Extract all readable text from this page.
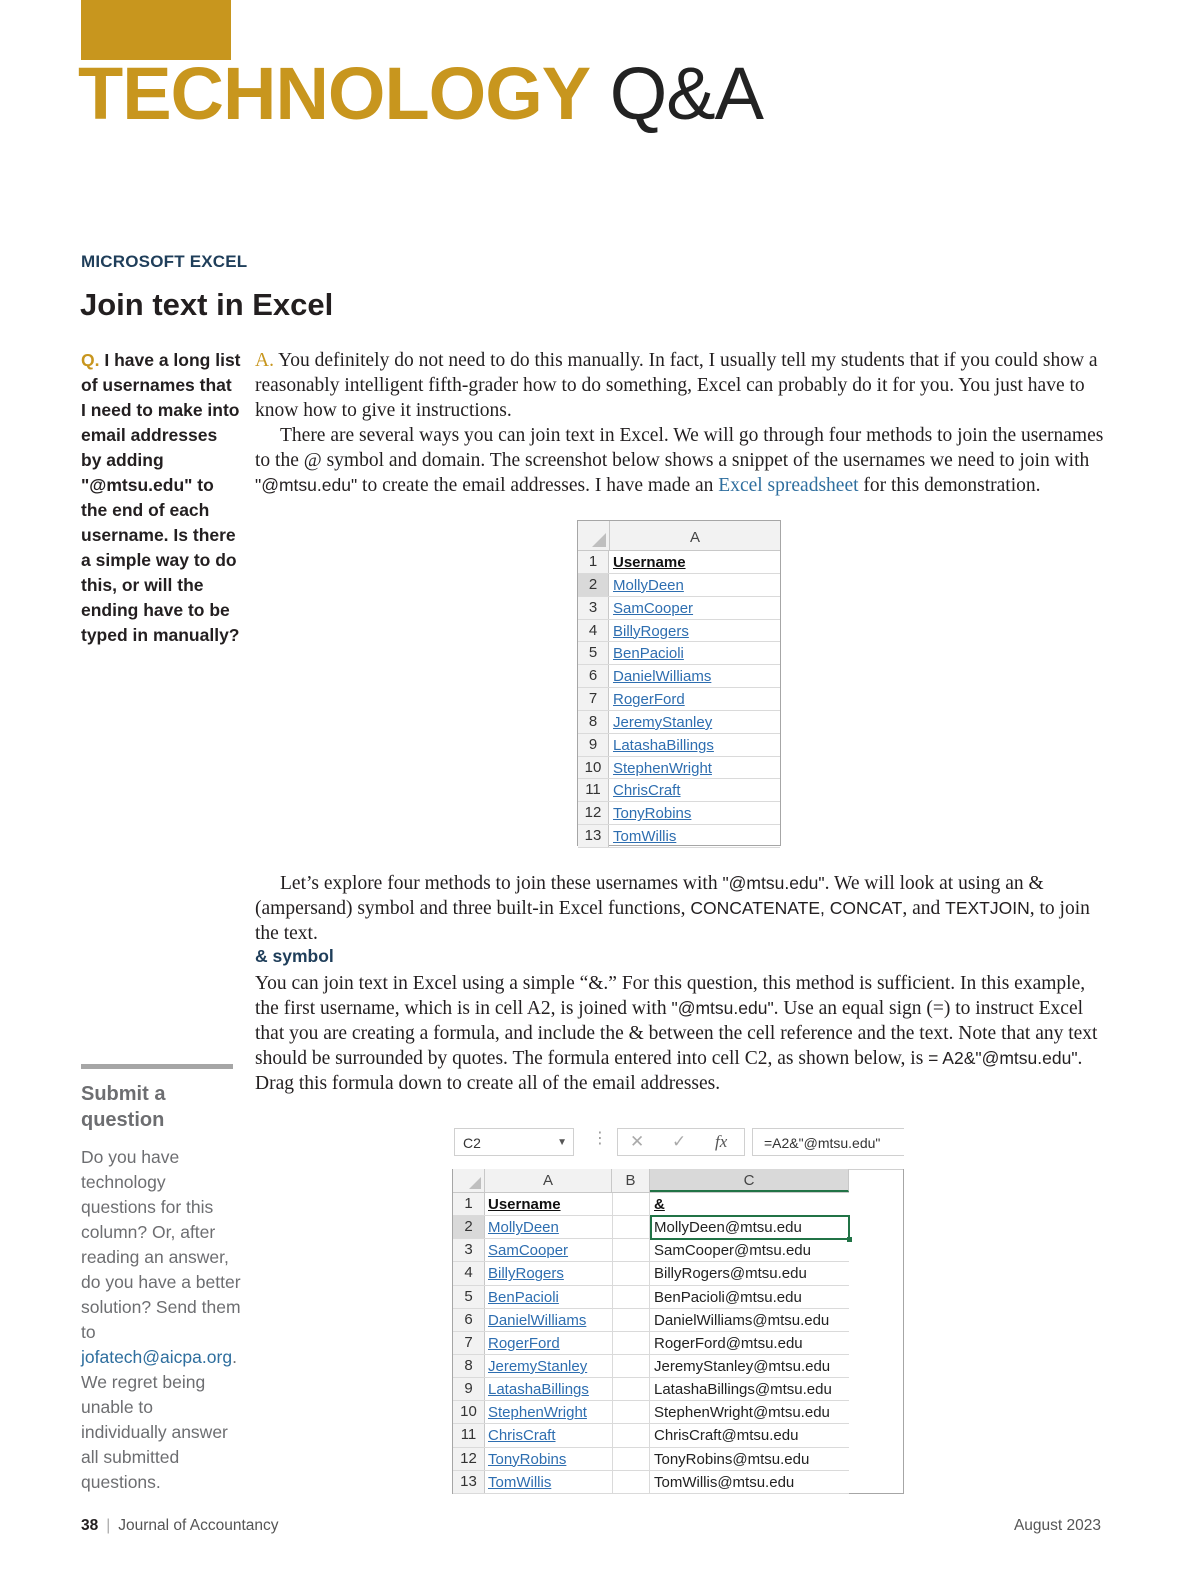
TECHNOLOGY Q&A
MICROSOFT EXCEL
Join text in Excel
Q. I have a long list of usernames that I need to make into email addresses by adding "@mtsu.edu" to the end of each username. Is there a simple way to do this, or will the ending have to be typed in manually?
Submit a question
Do you have technology questions for this column? Or, after reading an answer, do you have a better solution? Send them to jofatech@aicpa.org. We regret being unable to individually answer all submitted questions.

A. You definitely do not need to do this manually. In fact, I usually tell my students that if you could show a reasonably intelligent fifth-grader how to do something, Excel can probably do it for you. You just have to know how to give it instructions.

There are several ways you can join text in Excel. We will go through four methods to join the usernames to the @ symbol and domain. The screenshot below shows a snippet of the usernames we need to join with "@mtsu.edu" to create the email addresses. I have made an Excel spreadsheet for this demonstration.

A
1	Username
2	MollyDeen
3	SamCooper
4	BillyRogers
5	BenPacioli
6	DanielWilliams
7	RogerFord
8	JeremyStanley
9	LatashaBillings
10 StephenWright
11 ChrisCraft
12 TonyRobins
13 TomWillis

Let’s explore four methods to join these usernames with "@mtsu.edu". We will look at using an & (ampersand) symbol and three built-in Excel functions, CONCATENATE, CONCAT, and TEXTJOIN, to join the text.

& symbol

You can join text in Excel using a simple “&.” For this question, this method is sufficient. In this example, the first username, which is in cell A2, is joined with "@mtsu.edu". Use an equal sign (=) to instruct Excel that you are creating a formula, and include the & between the cell reference and the text. Note that any text should be surrounded by quotes. The formula entered into cell C2, as shown below, is = A2&"@mtsu.edu". Drag this formula down to create all of the email addresses.

C2	▼ ⋮ ✕ ✓ fx	=A2&"@mtsu.edu"
A	B	C
1	Username	&
2	MollyDeen	MollyDeen@mtsu.edu
3	SamCooper	SamCooper@mtsu.edu
4	BillyRogers	BillyRogers@mtsu.edu
5	BenPacioli	BenPacioli@mtsu.edu
6	DanielWilliams	DanielWilliams@mtsu.edu
7	RogerFord	RogerFord@mtsu.edu
8	JeremyStanley	JeremyStanley@mtsu.edu
9	LatashaBillings	LatashaBillings@mtsu.edu
10 StephenWright	StephenWright@mtsu.edu
11 ChrisCraft	ChrisCraft@mtsu.edu
12 TonyRobins	TonyRobins@mtsu.edu
13 TomWillis	TomWillis@mtsu.edu
38 | Journal of Accountancy	August 2023
